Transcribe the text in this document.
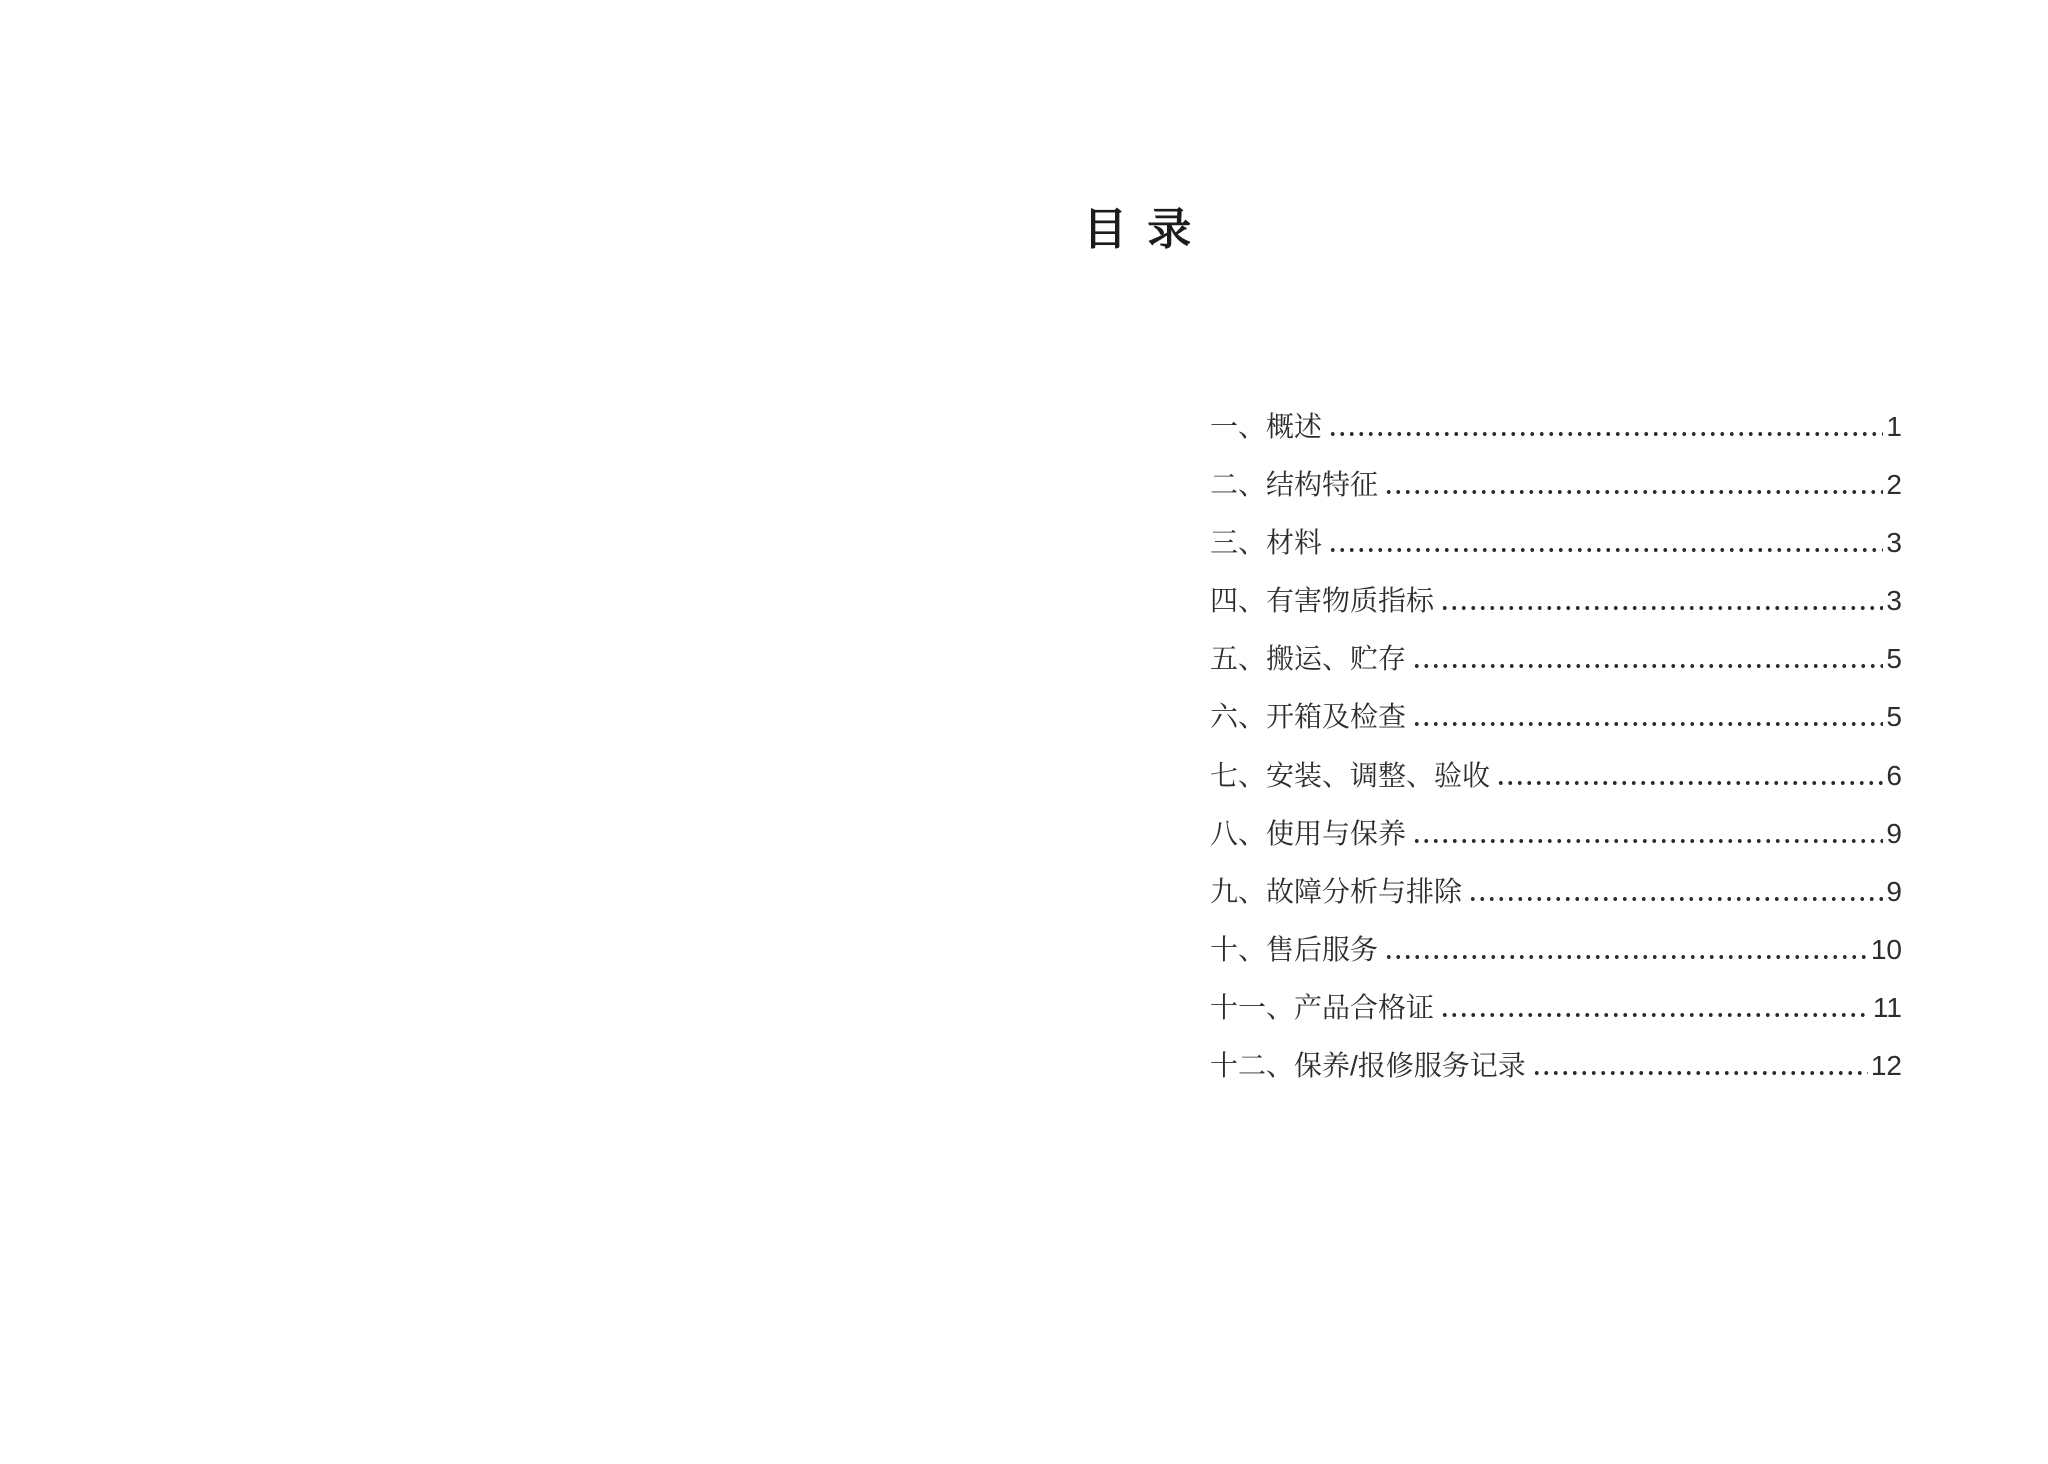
目 录
一、概述	1
二、结构特征	2
三、材料	3
四、有害物质指标	3
五、搬运、贮存	5
六、开箱及检查	5
七、安装、调整、验收	6
八、使用与保养	9
九、故障分析与排除	9
十、售后服务	10
十一、产品合格证	11
十二、保养/报修服务记录	12
